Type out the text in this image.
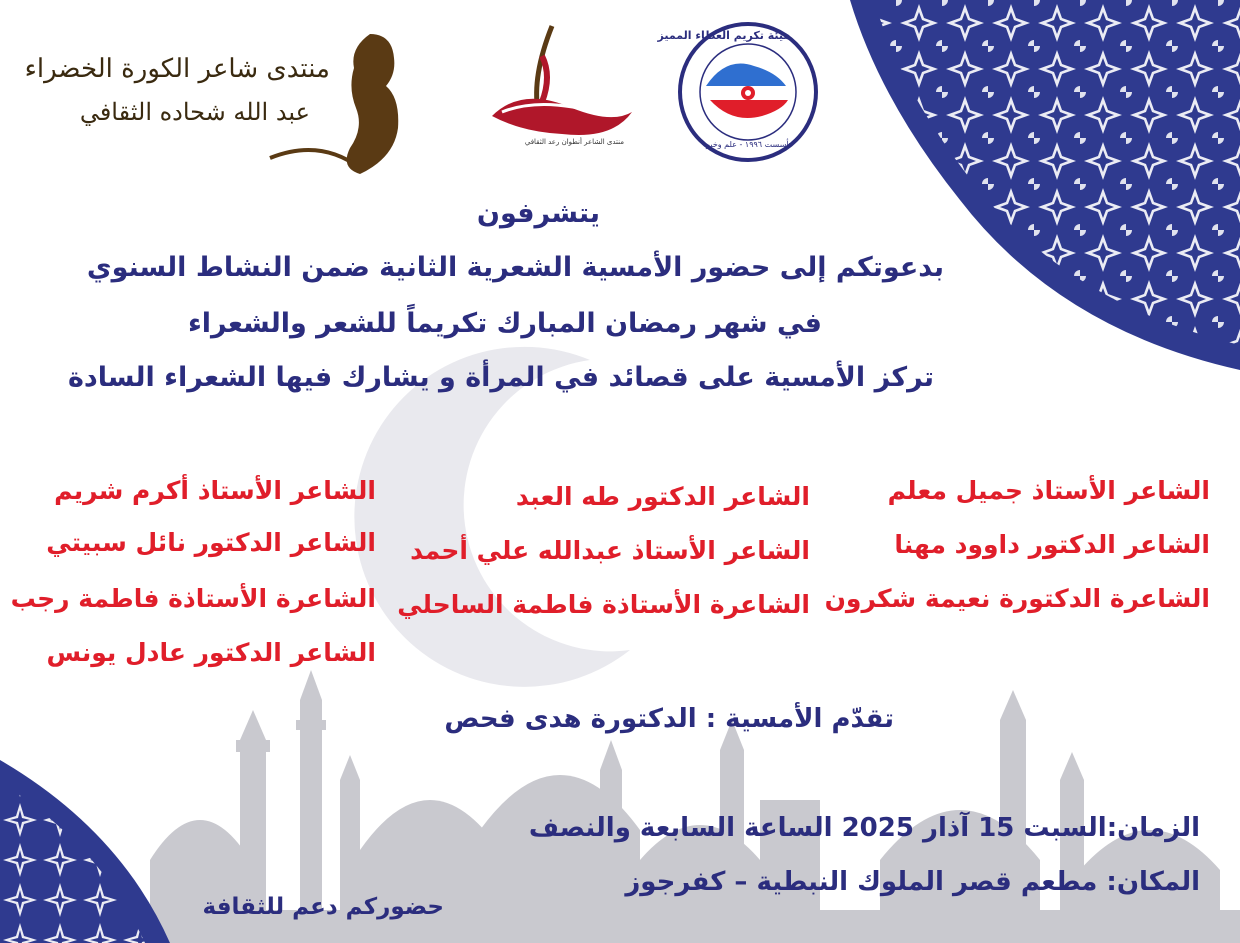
منتدى شاعر الكورة الخضراء
عبد الله شحاده الثقافي
منتدى الشاعر أنطوان رعد الثقافي
هيئة تكريم العطاء المميز
تأسست ١٩٩٦ - علم وخبر
يتشرفون
بدعوتكم إلى حضور الأمسية الشعرية الثانية ضمن النشاط السنوي
في شهر رمضان المبارك تكريماً للشعر والشعراء
تركز الأمسية على قصائد في المرأة و يشارك فيها الشعراء السادة
الشاعر الأستاذ جميل معلم
الشاعر الدكتور داوود مهنا
الشاعرة الدكتورة نعيمة شكرون
الشاعر الدكتور طه العبد
الشاعر الأستاذ عبدالله علي أحمد
الشاعرة الأستاذة فاطمة الساحلي
الشاعر الأستاذ أكرم شريم
الشاعر الدكتور نائل سبيتي
الشاعرة الأستاذة فاطمة رجب
الشاعر الدكتور عادل يونس
تقدّم الأمسية : الدكتورة هدى فحص
الزمان:السبت 15 آذار 2025 الساعة السابعة والنصف
المكان: مطعم قصر الملوك النبطية – كفرجوز
حضوركم دعم للثقافة
